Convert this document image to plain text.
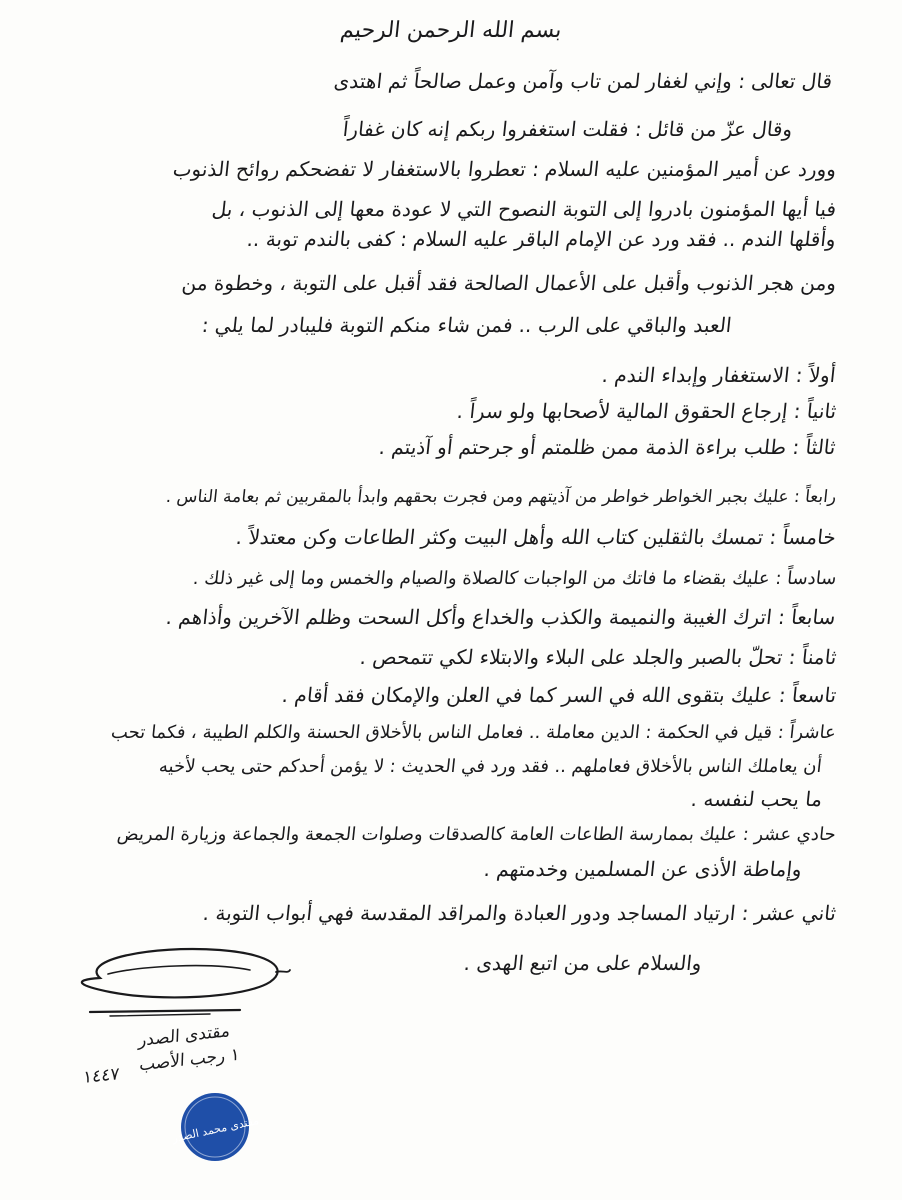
بسم الله الرحمن الرحيم
قال تعالى : وإني لغفار لمن تاب وآمن وعمل صالحاً ثم اهتدى
وقال عزّ من قائل : فقلت استغفروا ربكم إنه كان غفاراً
وورد عن أمير المؤمنين عليه السلام : تعطروا بالاستغفار لا تفضحكم روائح الذنوب
فيا أيها المؤمنون بادروا إلى التوبة النصوح التي لا عودة معها إلى الذنوب ، بل
وأقلها الندم .. فقد ورد عن الإمام الباقر عليه السلام : كفى بالندم توبة ..
ومن هجر الذنوب وأقبل على الأعمال الصالحة فقد أقبل على التوبة ، وخطوة من
العبد والباقي على الرب .. فمن شاء منكم التوبة فليبادر لما يلي :
أولاً : الاستغفار وإبداء الندم .
ثانياً : إرجاع الحقوق المالية لأصحابها ولو سراً .
ثالثاً : طلب براءة الذمة ممن ظلمتم أو جرحتم أو آذيتم .
رابعاً : عليك بجبر الخواطر خواطر من آذيتهم ومن فجرت بحقهم وابدأ بالمقربين ثم بعامة الناس .
خامساً : تمسك بالثقلين كتاب الله وأهل البيت وكثر الطاعات وكن معتدلاً .
سادساً : عليك بقضاء ما فاتك من الواجبات كالصلاة والصيام والخمس وما إلى غير ذلك .
سابعاً : اترك الغيبة والنميمة والكذب والخداع وأكل السحت وظلم الآخرين وأذاهم .
ثامناً : تحلّ بالصبر والجلد على البلاء والابتلاء لكي تتمحص .
تاسعاً : عليك بتقوى الله في السر كما في العلن والإمكان فقد أقام .
عاشراً : قيل في الحكمة : الدين معاملة .. فعامل الناس بالأخلاق الحسنة والكلم الطيبة ، فكما تحب
أن يعاملك الناس بالأخلاق فعاملهم .. فقد ورد في الحديث : لا يؤمن أحدكم حتى يحب لأخيه
ما يحب لنفسه .
حادي عشر : عليك بممارسة الطاعات العامة كالصدقات وصلوات الجمعة والجماعة وزيارة المريض
وإماطة الأذى عن المسلمين وخدمتهم .
ثاني عشر : ارتياد المساجد ودور العبادة والمراقد المقدسة فهي أبواب التوبة .
والسلام على من اتبع الهدى .
مقتدى الصدر
١ رجب الأصب
١٤٤٧
مقتدى محمد الصدر
